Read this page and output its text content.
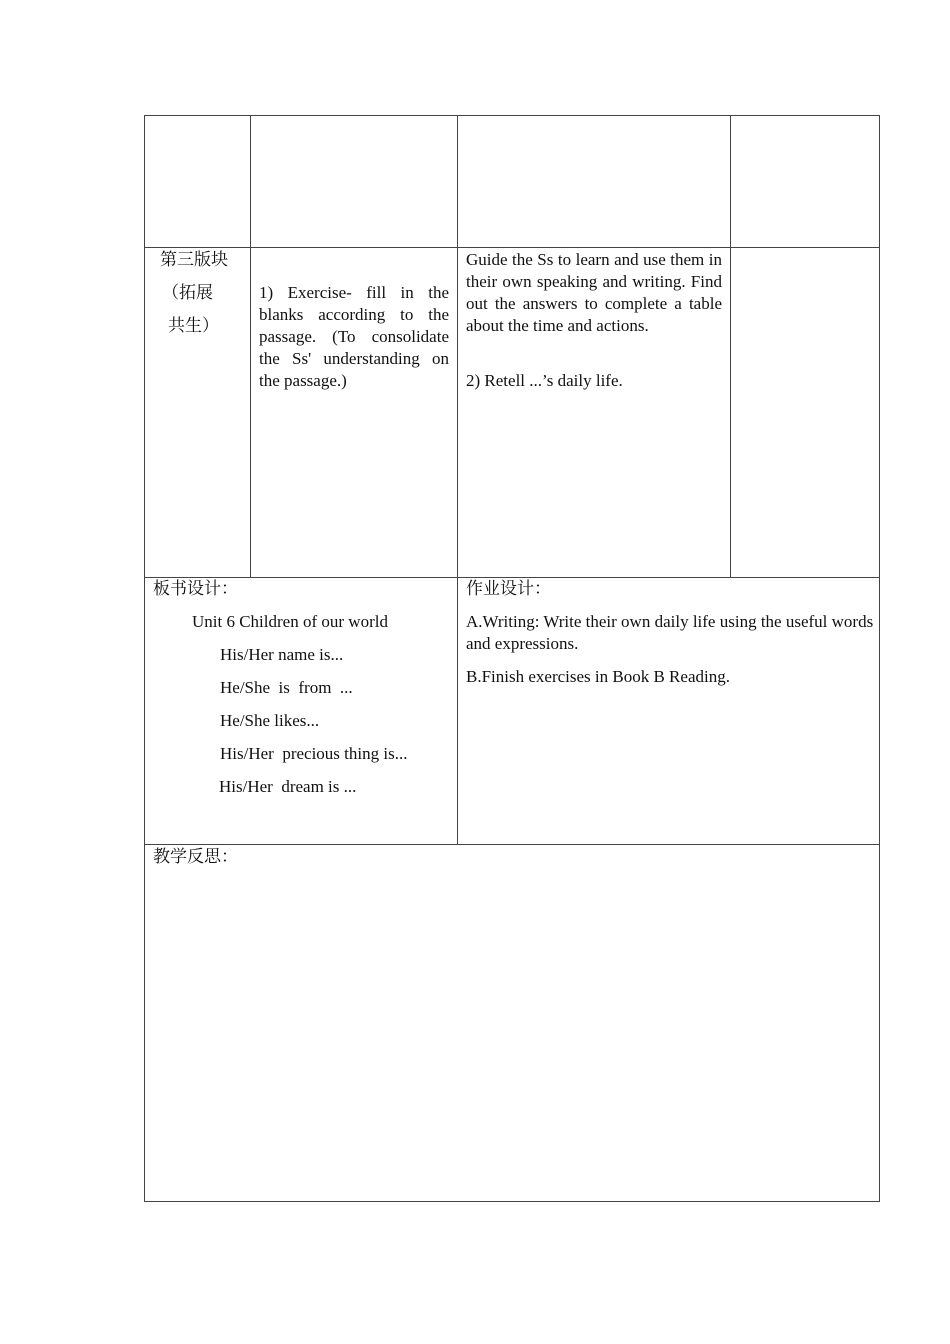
第三版块
（拓展
共生）
1) Exercise- fill in the blanks according to the passage. (To consolidate the Ss' understanding on the passage.)
Guide the Ss to learn and use them in their own speaking and writing. Find out the answers to complete a table about the time and actions.
2) Retell ...’s daily life.
板书设计：
Unit 6 Children of our world
His/Her name is...
He/She  is  from  ...
He/She likes...
His/Her  precious thing is...
His/Her  dream is ...
作业设计：
A.Writing: Write their own daily life using the useful words and expressions.
B.Finish exercises in Book B Reading.
教学反思：
